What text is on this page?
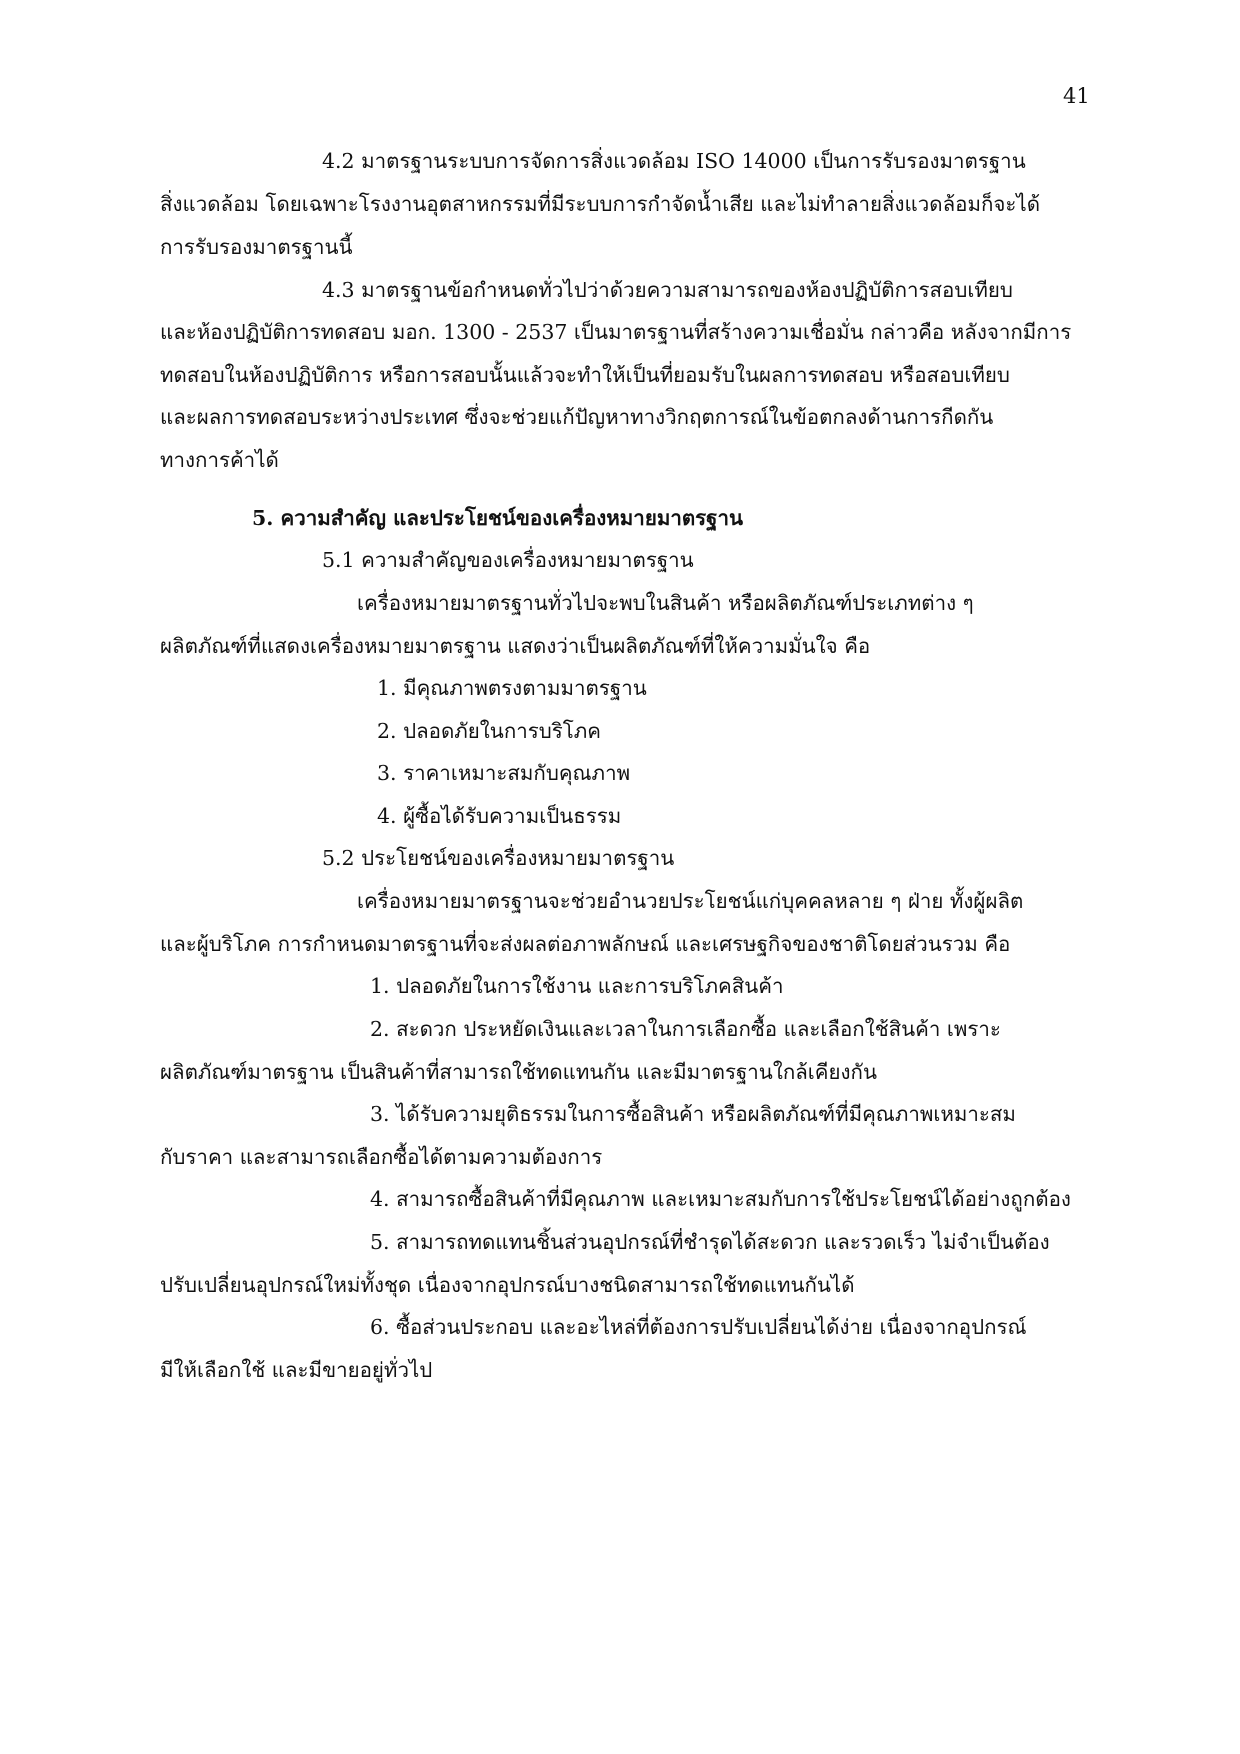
41
4.2 มาตรฐานระบบการจัดการสิ่งแวดล้อม ISO 14000 เป็นการรับรองมาตรฐาน
สิ่งแวดล้อม โดยเฉพาะโรงงานอุตสาหกรรมที่มีระบบการกำจัดน้ำเสีย และไม่ทำลายสิ่งแวดล้อมก็จะได้
การรับรองมาตรฐานนี้
4.3 มาตรฐานข้อกำหนดทั่วไปว่าด้วยความสามารถของห้องปฏิบัติการสอบเทียบ
และห้องปฏิบัติการทดสอบ มอก. 1300 - 2537 เป็นมาตรฐานที่สร้างความเชื่อมั่น กล่าวคือ หลังจากมีการ
ทดสอบในห้องปฏิบัติการ หรือการสอบนั้นแล้วจะทำให้เป็นที่ยอมรับในผลการทดสอบ หรือสอบเทียบ
และผลการทดสอบระหว่างประเทศ ซึ่งจะช่วยแก้ปัญหาทางวิกฤตการณ์ในข้อตกลงด้านการกีดกัน
ทางการค้าได้
5. ความสำคัญ และประโยชน์ของเครื่องหมายมาตรฐาน
5.1 ความสำคัญของเครื่องหมายมาตรฐาน
เครื่องหมายมาตรฐานทั่วไปจะพบในสินค้า หรือผลิตภัณฑ์ประเภทต่าง ๆ
ผลิตภัณฑ์ที่แสดงเครื่องหมายมาตรฐาน แสดงว่าเป็นผลิตภัณฑ์ที่ให้ความมั่นใจ คือ
1. มีคุณภาพตรงตามมาตรฐาน
2. ปลอดภัยในการบริโภค
3. ราคาเหมาะสมกับคุณภาพ
4. ผู้ซื้อได้รับความเป็นธรรม
5.2 ประโยชน์ของเครื่องหมายมาตรฐาน
เครื่องหมายมาตรฐานจะช่วยอำนวยประโยชน์แก่บุคคลหลาย ๆ ฝ่าย ทั้งผู้ผลิต
และผู้บริโภค การกำหนดมาตรฐานที่จะส่งผลต่อภาพลักษณ์ และเศรษฐกิจของชาติโดยส่วนรวม คือ
1. ปลอดภัยในการใช้งาน และการบริโภคสินค้า
2. สะดวก ประหยัดเงินและเวลาในการเลือกซื้อ และเลือกใช้สินค้า เพราะ
ผลิตภัณฑ์มาตรฐาน เป็นสินค้าที่สามารถใช้ทดแทนกัน และมีมาตรฐานใกล้เคียงกัน
3. ได้รับความยุติธรรมในการซื้อสินค้า หรือผลิตภัณฑ์ที่มีคุณภาพเหมาะสม
กับราคา และสามารถเลือกซื้อได้ตามความต้องการ
4. สามารถซื้อสินค้าที่มีคุณภาพ และเหมาะสมกับการใช้ประโยชน์ได้อย่างถูกต้อง
5. สามารถทดแทนชิ้นส่วนอุปกรณ์ที่ชำรุดได้สะดวก และรวดเร็ว ไม่จำเป็นต้อง
ปรับเปลี่ยนอุปกรณ์ใหม่ทั้งชุด เนื่องจากอุปกรณ์บางชนิดสามารถใช้ทดแทนกันได้
6. ซื้อส่วนประกอบ และอะไหล่ที่ต้องการปรับเปลี่ยนได้ง่าย เนื่องจากอุปกรณ์
มีให้เลือกใช้ และมีขายอยู่ทั่วไป
